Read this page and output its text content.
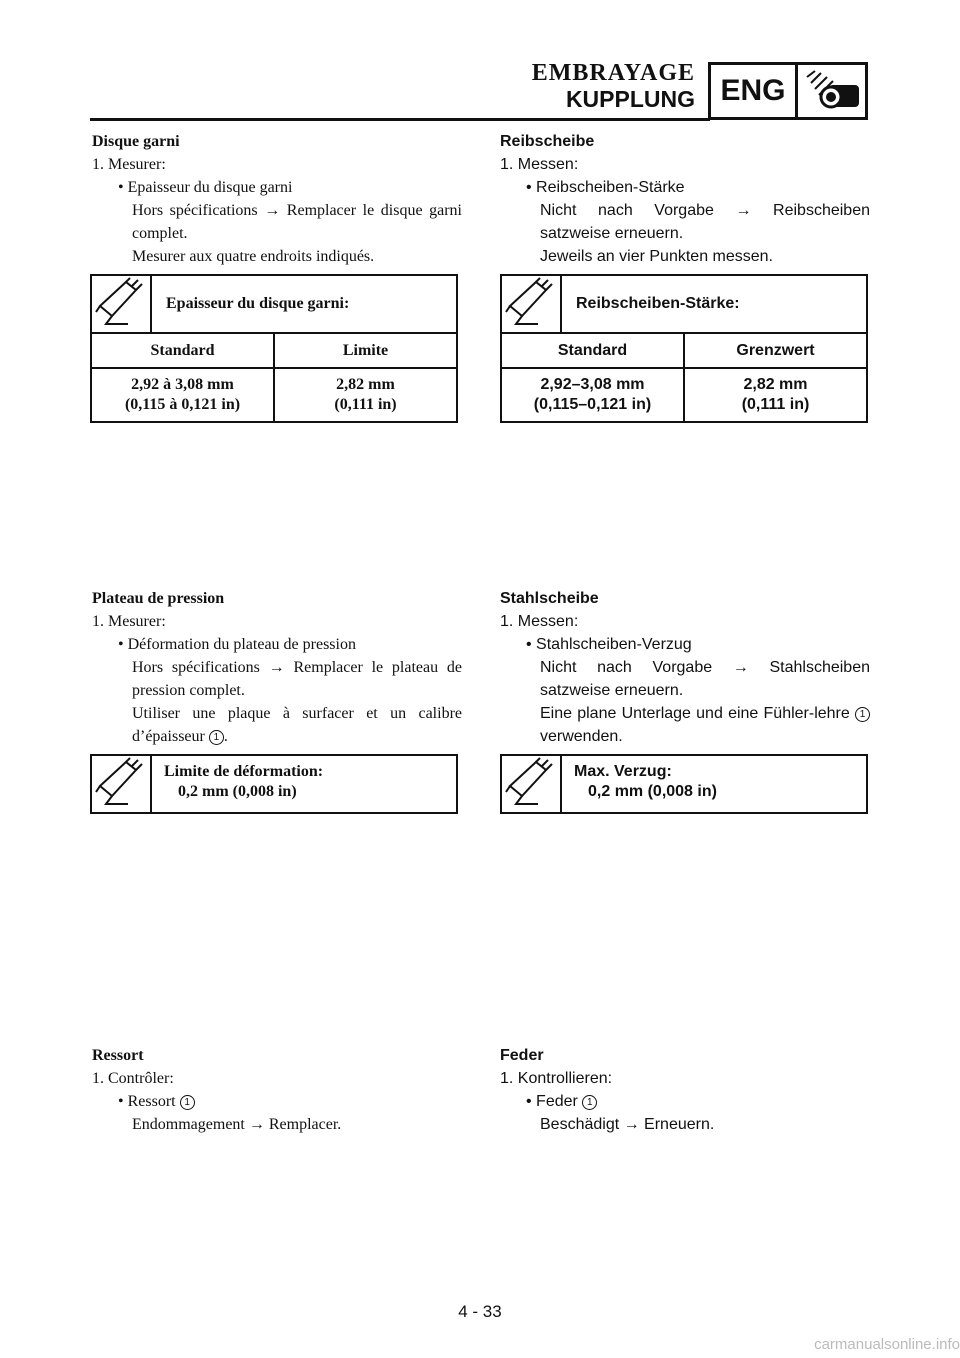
EMBRAYAGE
KUPPLUNG ENG
Disque garni
1. Mesurer:
• Epaisseur du disque garni
Hors spécifications → Remplacer le disque garni complet.
Mesurer aux quatre endroits indiqués.
Plateau de pression
1. Mesurer:
• Déformation du plateau de pression
Hors spécifications → Remplacer le plateau de pression complet.
Utiliser une plaque à surfacer et un calibre d’épaisseur 1 .
Ressort
1. Contrôler:
• Ressort 1
Endommagement → Remplacer.
Reibscheibe
1. Messen:
• Reibscheiben-Stärke
Nicht nach Vorgabe → Reibscheiben satzweise erneuern.
Jeweils an vier Punkten messen.
Stahlscheibe
1. Messen:
• Stahlscheiben-Verzug
Nicht nach Vorgabe → Stahlscheiben satzweise erneuern.
Eine plane Unterlage und eine Fühler-lehre 1 verwenden.
Feder
1. Kontrollieren:
• Feder 1
Beschädigt → Erneuern.
Epaisseur du disque garni:
Standard	Limite
2,92 à 3,08 mm
(0,115 à 0,121 in)
2,82 mm
(0,111 in)
Reibscheiben-Stärke:
Standard	Grenzwert
2,92–3,08 mm
(0,115–0,121 in)
2,82 mm
(0,111 in)
Limite de déformation:
0,2 mm (0,008 in)
Max. Verzug:
0,2 mm (0,008 in)
4 - 33
carmanualsonline.info
